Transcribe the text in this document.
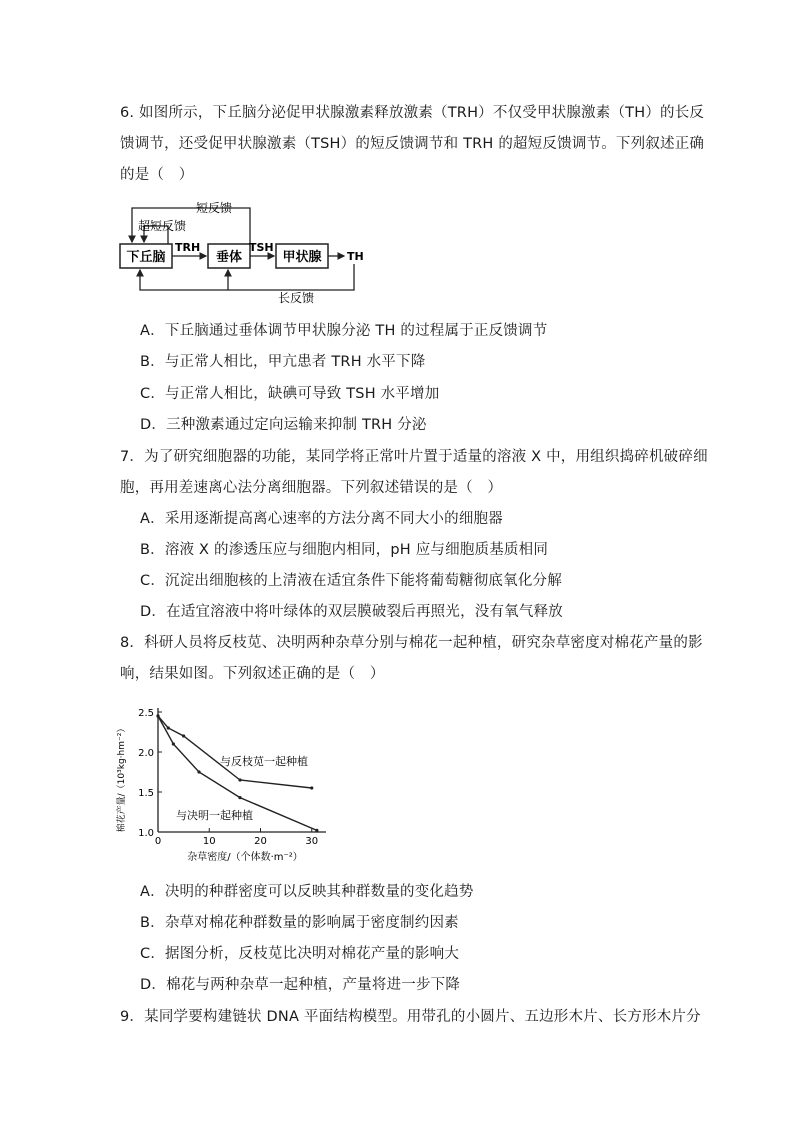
6. 如图所示，下丘脑分泌促甲状腺激素释放激素（TRH）不仅受甲状腺激素（TH）的长反
馈调节，还受促甲状腺激素（TSH）的短反馈调节和 TRH 的超短反馈调节。下列叙述正确
的是（　）
短反馈
超短反馈
下丘脑	垂体	甲状腺
TRH	TSH
TH
长反馈
A．下丘脑通过垂体调节甲状腺分泌 TH 的过程属于正反馈调节
B．与正常人相比，甲亢患者 TRH 水平下降
C．与正常人相比，缺碘可导致 TSH 水平增加
D．三种激素通过定向运输来抑制 TRH 分泌
7．为了研究细胞器的功能，某同学将正常叶片置于适量的溶液 X 中，用组织捣碎机破碎细
胞，再用差速离心法分离细胞器。下列叙述错误的是（　）
A．采用逐渐提高离心速率的方法分离不同大小的细胞器
B．溶液 X 的渗透压应与细胞内相同，pH 应与细胞质基质相同
C．沉淀出细胞核的上清液在适宜条件下能将葡萄糖彻底氧化分解
D．在适宜溶液中将叶绿体的双层膜破裂后再照光，没有氧气释放
8．科研人员将反枝苋、决明两种杂草分别与棉花一起种植，研究杂草密度对棉花产量的影
响，结果如图。下列叙述正确的是（　）
1.0
1.5
2.0
2.5
0	10	20	30
杂草密度/（个体数·m⁻²）
棉花产量/（10³kg·hm⁻²）	与反枝苋一起种植
与决明一起种植
A．决明的种群密度可以反映其种群数量的变化趋势
B．杂草对棉花种群数量的影响属于密度制约因素
C．据图分析，反枝苋比决明对棉花产量的影响大
D．棉花与两种杂草一起种植，产量将进一步下降
9．某同学要构建链状 DNA 平面结构模型。用带孔的小圆片、五边形木片、长方形木片分
